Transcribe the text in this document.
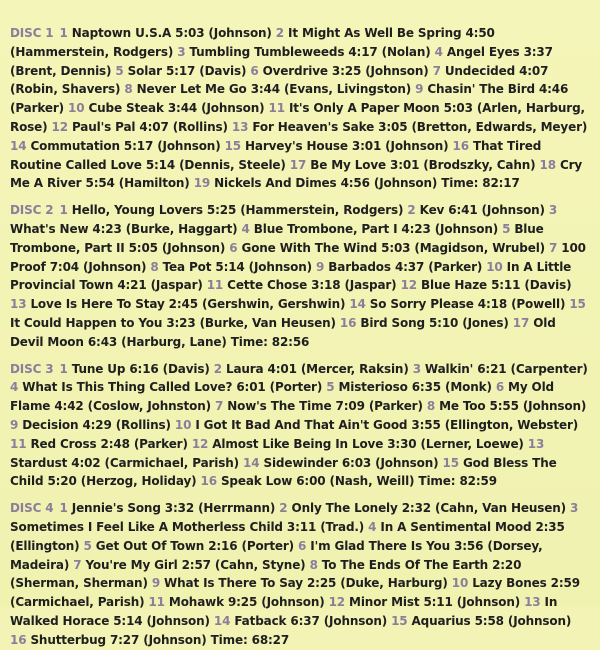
DISC 1 1 Naptown U.S.A 5:03 (Johnson) 2 It Might As Well Be Spring 4:50 (Hammerstein, Rodgers) 3 Tumbling Tumbleweeds 4:17 (Nolan) 4 Angel Eyes 3:37 (Brent, Dennis) 5 Solar 5:17 (Davis) 6 Overdrive 3:25 (Johnson) 7 Undecided 4:07 (Robin, Shavers) 8 Never Let Me Go 3:44 (Evans, Livingston) 9 Chasin' The Bird 4:46 (Parker) 10 Cube Steak 3:44 (Johnson) 11 It's Only A Paper Moon 5:03 (Arlen, Harburg, Rose) 12 Paul's Pal 4:07 (Rollins) 13 For Heaven's Sake 3:05 (Bretton, Edwards, Meyer) 14 Commutation 5:17 (Johnson) 15 Harvey's House 3:01 (Johnson) 16 That Tired Routine Called Love 5:14 (Dennis, Steele) 17 Be My Love 3:01 (Brodszky, Cahn) 18 Cry Me A River 5:54 (Hamilton) 19 Nickels And Dimes 4:56 (Johnson) Time: 82:17
DISC 2 1 Hello, Young Lovers 5:25 (Hammerstein, Rodgers) 2 Kev 6:41 (Johnson) 3 What's New 4:23 (Burke, Haggart) 4 Blue Trombone, Part I 4:23 (Johnson) 5 Blue Trombone, Part II 5:05 (Johnson) 6 Gone With The Wind 5:03 (Magidson, Wrubel) 7 100 Proof 7:04 (Johnson) 8 Tea Pot 5:14 (Johnson) 9 Barbados 4:37 (Parker) 10 In A Little Provincial Town 4:21 (Jaspar) 11 Cette Chose 3:18 (Jaspar) 12 Blue Haze 5:11 (Davis) 13 Love Is Here To Stay 2:45 (Gershwin, Gershwin) 14 So Sorry Please 4:18 (Powell) 15 It Could Happen to You 3:23 (Burke, Van Heusen) 16 Bird Song 5:10 (Jones) 17 Old Devil Moon 6:43 (Harburg, Lane) Time: 82:56
DISC 3 1 Tune Up 6:16 (Davis) 2 Laura 4:01 (Mercer, Raksin) 3 Walkin' 6:21 (Carpenter) 4 What Is This Thing Called Love? 6:01 (Porter) 5 Misterioso 6:35 (Monk) 6 My Old Flame 4:42 (Coslow, Johnston) 7 Now's The Time 7:09 (Parker) 8 Me Too 5:55 (Johnson) 9 Decision 4:29 (Rollins) 10 I Got It Bad And That Ain't Good 3:55 (Ellington, Webster) 11 Red Cross 2:48 (Parker) 12 Almost Like Being In Love 3:30 (Lerner, Loewe) 13 Stardust 4:02 (Carmichael, Parish) 14 Sidewinder 6:03 (Johnson) 15 God Bless The Child 5:20 (Herzog, Holiday) 16 Speak Low 6:00 (Nash, Weill) Time: 82:59
DISC 4 1 Jennie's Song 3:32 (Herrmann) 2 Only The Lonely 2:32 (Cahn, Van Heusen) 3 Sometimes I Feel Like A Motherless Child 3:11 (Trad.) 4 In A Sentimental Mood 2:35 (Ellington) 5 Get Out Of Town 2:16 (Porter) 6 I'm Glad There Is You 3:56 (Dorsey, Madeira) 7 You're My Girl 2:57 (Cahn, Styne) 8 To The Ends Of The Earth 2:20 (Sherman, Sherman) 9 What Is There To Say 2:25 (Duke, Harburg) 10 Lazy Bones 2:59 (Carmichael, Parish) 11 Mohawk 9:25 (Johnson) 12 Minor Mist 5:11 (Johnson) 13 In Walked Horace 5:14 (Johnson) 14 Fatback 6:37 (Johnson) 15 Aquarius 5:58 (Johnson) 16 Shutterbug 7:27 (Johnson) Time: 68:27
